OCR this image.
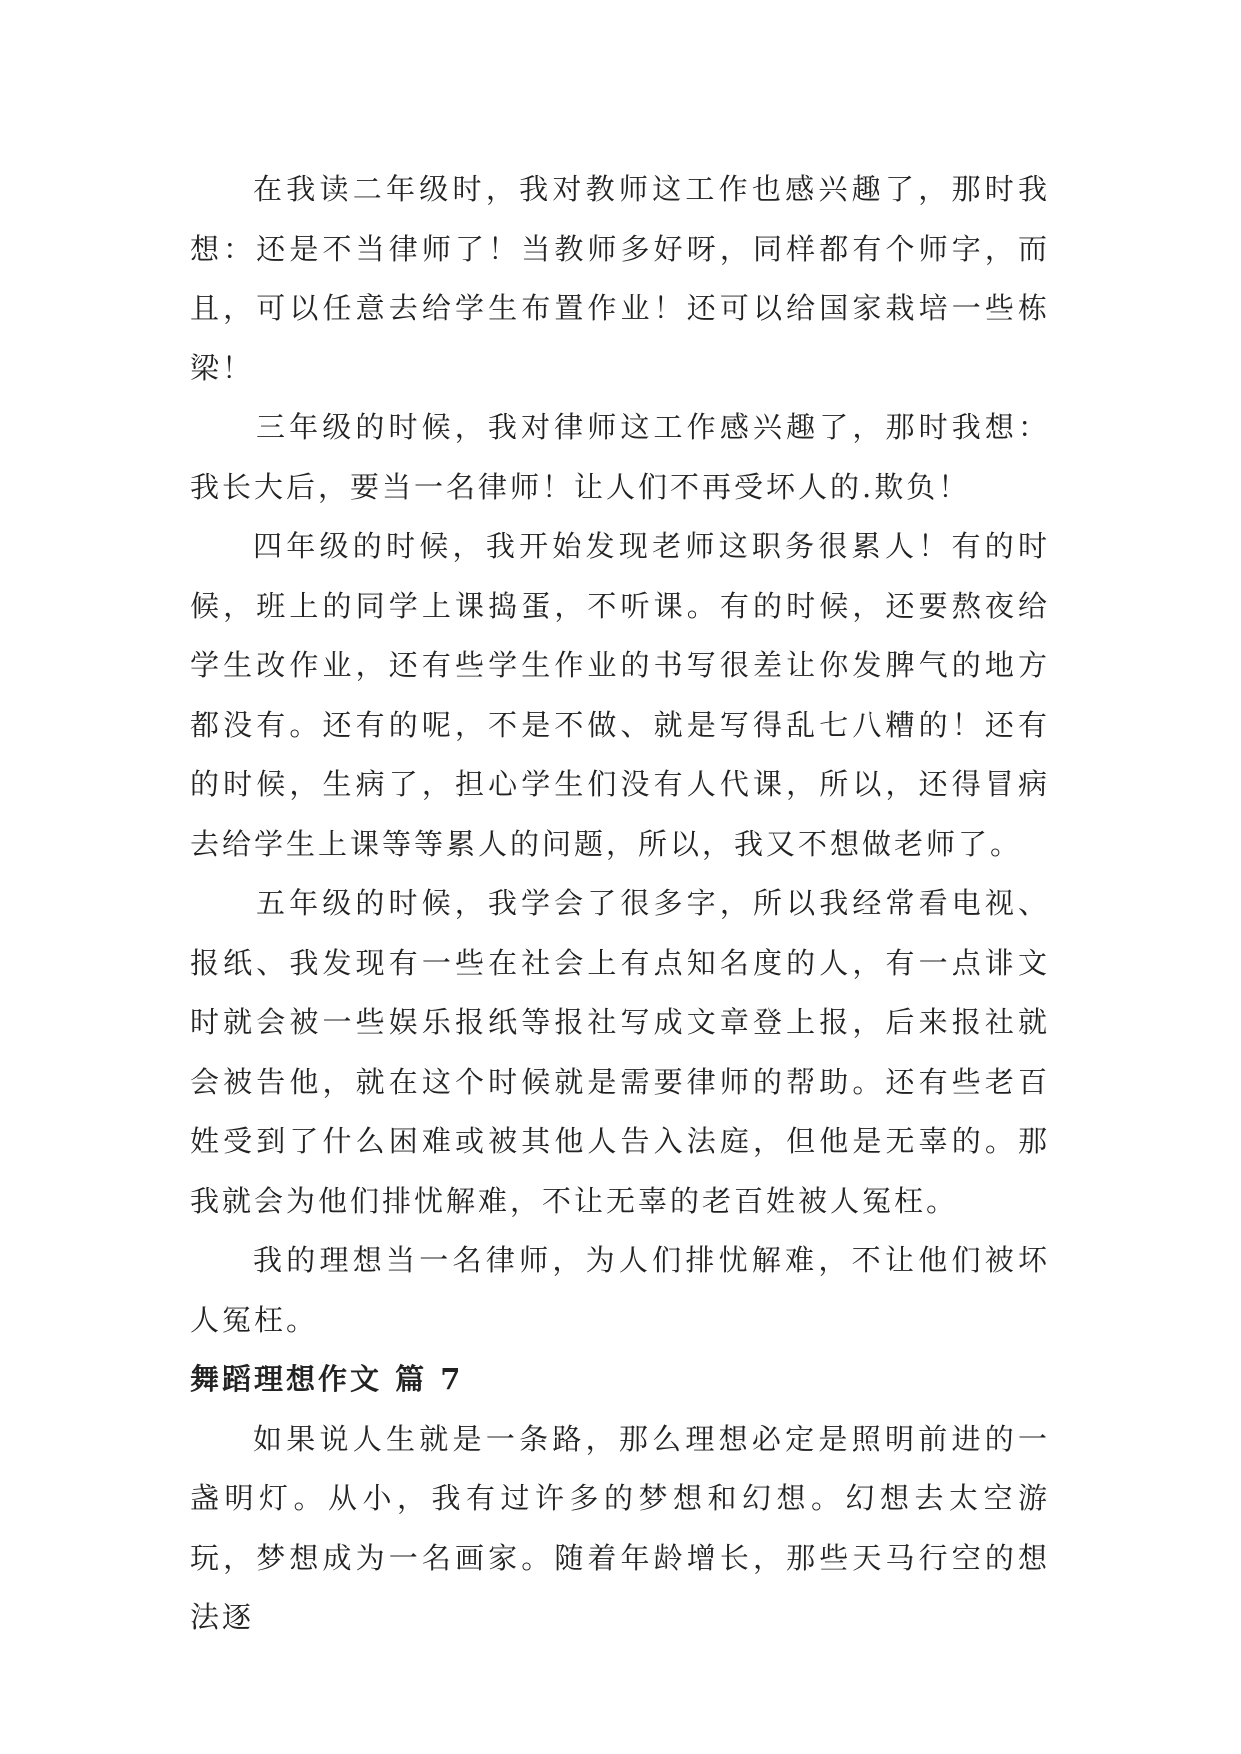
在我读二年级时，我对教师这工作也感兴趣了，那时我想：还是不当律师了！当教师多好呀，同样都有个师字，而且，可以任意去给学生布置作业！还可以给国家栽培一些栋梁！

三年级的时候，我对律师这工作感兴趣了，那时我想：我长大后，要当一名律师！让人们不再受坏人的.欺负！

四年级的时候，我开始发现老师这职务很累人！有的时候，班上的同学上课捣蛋，不听课。有的时候，还要熬夜给学生改作业，还有些学生作业的书写很差让你发脾气的地方都没有。还有的呢，不是不做、就是写得乱七八糟的！还有的时候，生病了，担心学生们没有人代课，所以，还得冒病去给学生上课等等累人的问题，所以，我又不想做老师了。

五年级的时候，我学会了很多字，所以我经常看电视、报纸、我发现有一些在社会上有点知名度的人，有一点诽文时就会被一些娱乐报纸等报社写成文章登上报，后来报社就会被告他，就在这个时候就是需要律师的帮助。还有些老百姓受到了什么困难或被其他人告入法庭，但他是无辜的。那我就会为他们排忧解难，不让无辜的老百姓被人冤枉。

我的理想当一名律师，为人们排忧解难，不让他们被坏人冤枉。

舞蹈理想作文 篇 7

如果说人生就是一条路，那么理想必定是照明前进的一盏明灯。从小，我有过许多的梦想和幻想。幻想去太空游玩，梦想成为一名画家。随着年龄增长，那些天马行空的想法逐
